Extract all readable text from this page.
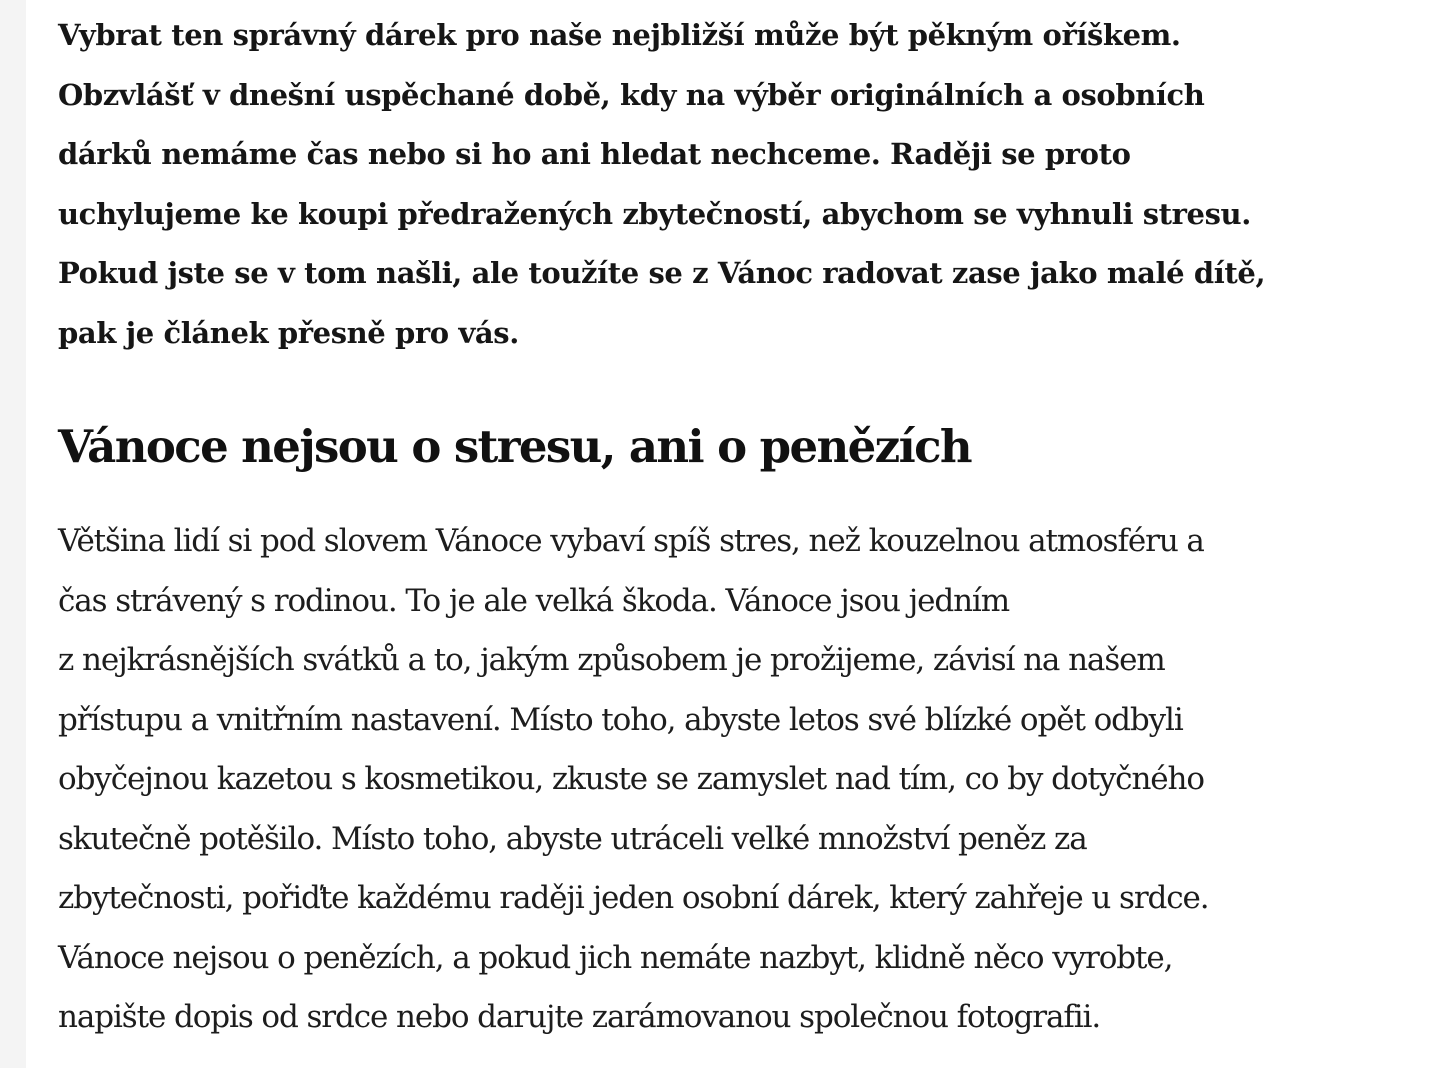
Vybrat ten správný dárek pro naše nejbližší může být pěkným oříškem.
Obzvlášť v dnešní uspěchané době, kdy na výběr originálních a osobních
dárků nemáme čas nebo si ho ani hledat nechceme. Raději se proto
uchylujeme ke koupi předražených zbytečností, abychom se vyhnuli stresu.
Pokud jste se v tom našli, ale toužíte se z Vánoc radovat zase jako malé dítě,
pak je článek přesně pro vás.

Vánoce nejsou o stresu, ani o penězích

Většina lidí si pod slovem Vánoce vybaví spíš stres, než kouzelnou atmosféru a
čas strávený s rodinou. To je ale velká škoda. Vánoce jsou jedním
z nejkrásnějších svátků a to, jakým způsobem je prožijeme, závisí na našem
přístupu a vnitřním nastavení. Místo toho, abyste letos své blízké opět odbyli
obyčejnou kazetou s kosmetikou, zkuste se zamyslet nad tím, co by dotyčného
skutečně potěšilo. Místo toho, abyste utráceli velké množství peněz za
zbytečnosti, pořiďte každému raději jeden osobní dárek, který zahřeje u srdce.
Vánoce nejsou o penězích, a pokud jich nemáte nazbyt, klidně něco vyrobte,
napište dopis od srdce nebo darujte zarámovanou společnou fotografii.
